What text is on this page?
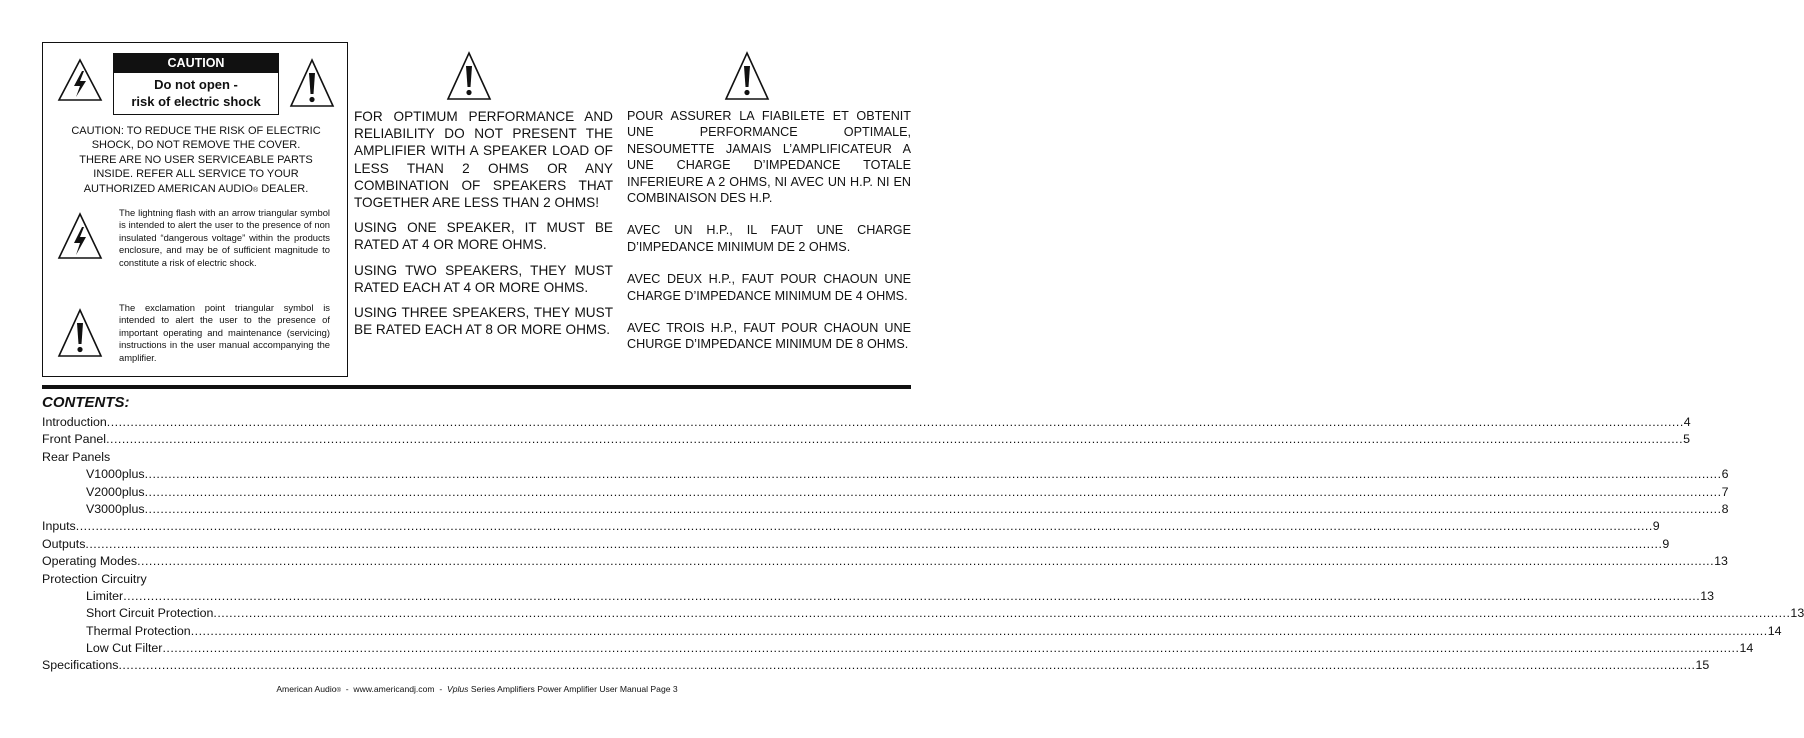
CAUTION
Do not open -
risk of electric shock
CAUTION: TO REDUCE THE RISK OF ELECTRIC
SHOCK, DO NOT REMOVE THE COVER.
THERE ARE NO USER SERVICEABLE PARTS
INSIDE. REFER ALL SERVICE TO YOUR
AUTHORIZED AMERICAN AUDIO® DEALER.
The lightning flash with an arrow triangular symbol is intended to alert the user to the presence of non insulated “dangerous voltage” within the products enclosure, and may be of sufficient magnitude to constitute a risk of electric shock.
The exclamation point triangular symbol is intended to alert the user to the presence of important operating and maintenance (servicing) instructions in the user manual accompanying the amplifier.

FOR OPTIMUM PERFORMANCE AND RELIABILITY DO NOT PRESENT THE AMPLIFIER WITH A SPEAKER LOAD OF LESS THAN 2 OHMS OR ANY COMBINATION OF SPEAKERS THAT TOGETHER ARE LESS THAN 2 OHMS!

USING ONE SPEAKER, IT MUST BE RATED AT 4 OR MORE OHMS.

USING TWO SPEAKERS, THEY MUST RATED EACH AT 4 OR MORE OHMS.

USING THREE SPEAKERS, THEY MUST BE RATED EACH AT 8 OR MORE OHMS.

POUR ASSURER LA FIABILETE ET OBTENIT UNE PERFORMANCE OPTIMALE, NESOUMETTE JAMAIS L’AMPLIFICATEUR A UNE CHARGE D’IMPEDANCE TOTALE INFERIEURE A 2 OHMS, NI AVEC UN H.P. NI EN COMBINAISON DES H.P.

AVEC UN H.P., IL FAUT UNE CHARGE D’IMPEDANCE MINIMUM DE 2 OHMS.

AVEC DEUX H.P., FAUT POUR CHAOUN UNE CHARGE D’IMPEDANCE MINIMUM DE 4 OHMS.

AVEC TROIS H.P., FAUT POUR CHAOUN UNE CHURGE D’IMPEDANCE MINIMUM DE 8 OHMS.

CONTENTS:
Introduction ................................................................................................................................................................................................................................................................................................................................................................................................................ 4
Front Panel ................................................................................................................................................................................................................................................................................................................................................................................................................ 5
Rear Panels
V1000plus ................................................................................................................................................................................................................................................................................................................................................................................................................ 6
V2000plus ................................................................................................................................................................................................................................................................................................................................................................................................................ 7
V3000plus ................................................................................................................................................................................................................................................................................................................................................................................................................ 8
Inputs ................................................................................................................................................................................................................................................................................................................................................................................................................ 9
Outputs ................................................................................................................................................................................................................................................................................................................................................................................................................ 9
Operating Modes ................................................................................................................................................................................................................................................................................................................................................................................................................ 13
Protection Circuitry
Limiter ................................................................................................................................................................................................................................................................................................................................................................................................................ 13
Short Circuit Protection ................................................................................................................................................................................................................................................................................................................................................................................................................ 13
Thermal Protection ................................................................................................................................................................................................................................................................................................................................................................................................................ 14
Low Cut Filter ................................................................................................................................................................................................................................................................................................................................................................................................................ 14
Specifications ................................................................................................................................................................................................................................................................................................................................................................................................................ 15
American Audio®  -  www.americandj.com  -  Vplus Series Amplifiers Power Amplifier User Manual Page 3
